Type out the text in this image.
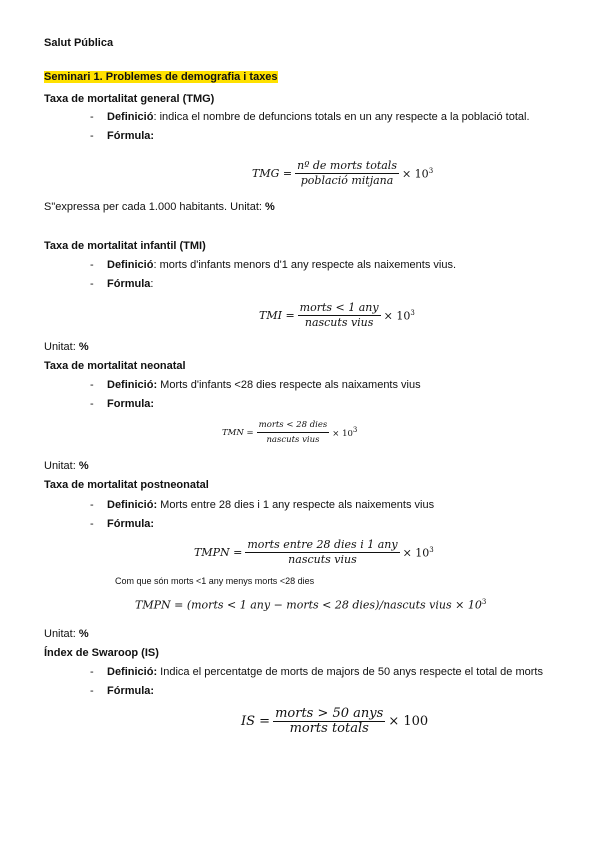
Salut Pública
Seminari 1. Problemes de demografia i taxes
Taxa de mortalitat general (TMG)
- Definició: indica el nombre de defuncions totals en un any respecte a la població total.
- Fórmula:
TMG = $\frac{\text{nº de morts totals}}{\text{població mitjana}} \times 10^3$
S"expressa per cada 1.000 habitants. Unitat: %
Taxa de mortalitat infantil (TMI)
- Definició: morts d'infants menors d'1 any respecte als naixements vius.
- Fórmula:
TMI = $\frac{\text{morts < 1 any}}{\text{nascuts vius}} \times 10^3$
Unitat: %
Taxa de mortalitat neonatal
- Definició: Morts d'infants <28 dies respecte als naixaments vius
- Formula:
TMN = $\frac{\text{morts < 28 dies}}{\text{nascuts vius}} \times 10^3$
Unitat: %
Taxa de mortalitat postneonatal
- Definició: Morts entre 28 dies i 1 any respecte als naixements vius
- Fórmula:
TMPN = $\frac{\text{morts entre 28 dies i 1 any}}{\text{nascuts vius}} \times 10^3$
Com que són morts <1 any menys morts <28 dies
TMPN = (morts < 1 any − morts < 28 dies)/nascuts vius × $10^3$
Unitat: %
Índex de Swaroop (IS)
- Definició: Indica el percentatge de morts de majors de 50 anys respecte el total de morts
- Fórmula:
IS = $\frac{\text{morts > 50 anys}}{\text{morts totals}} \times 100$
